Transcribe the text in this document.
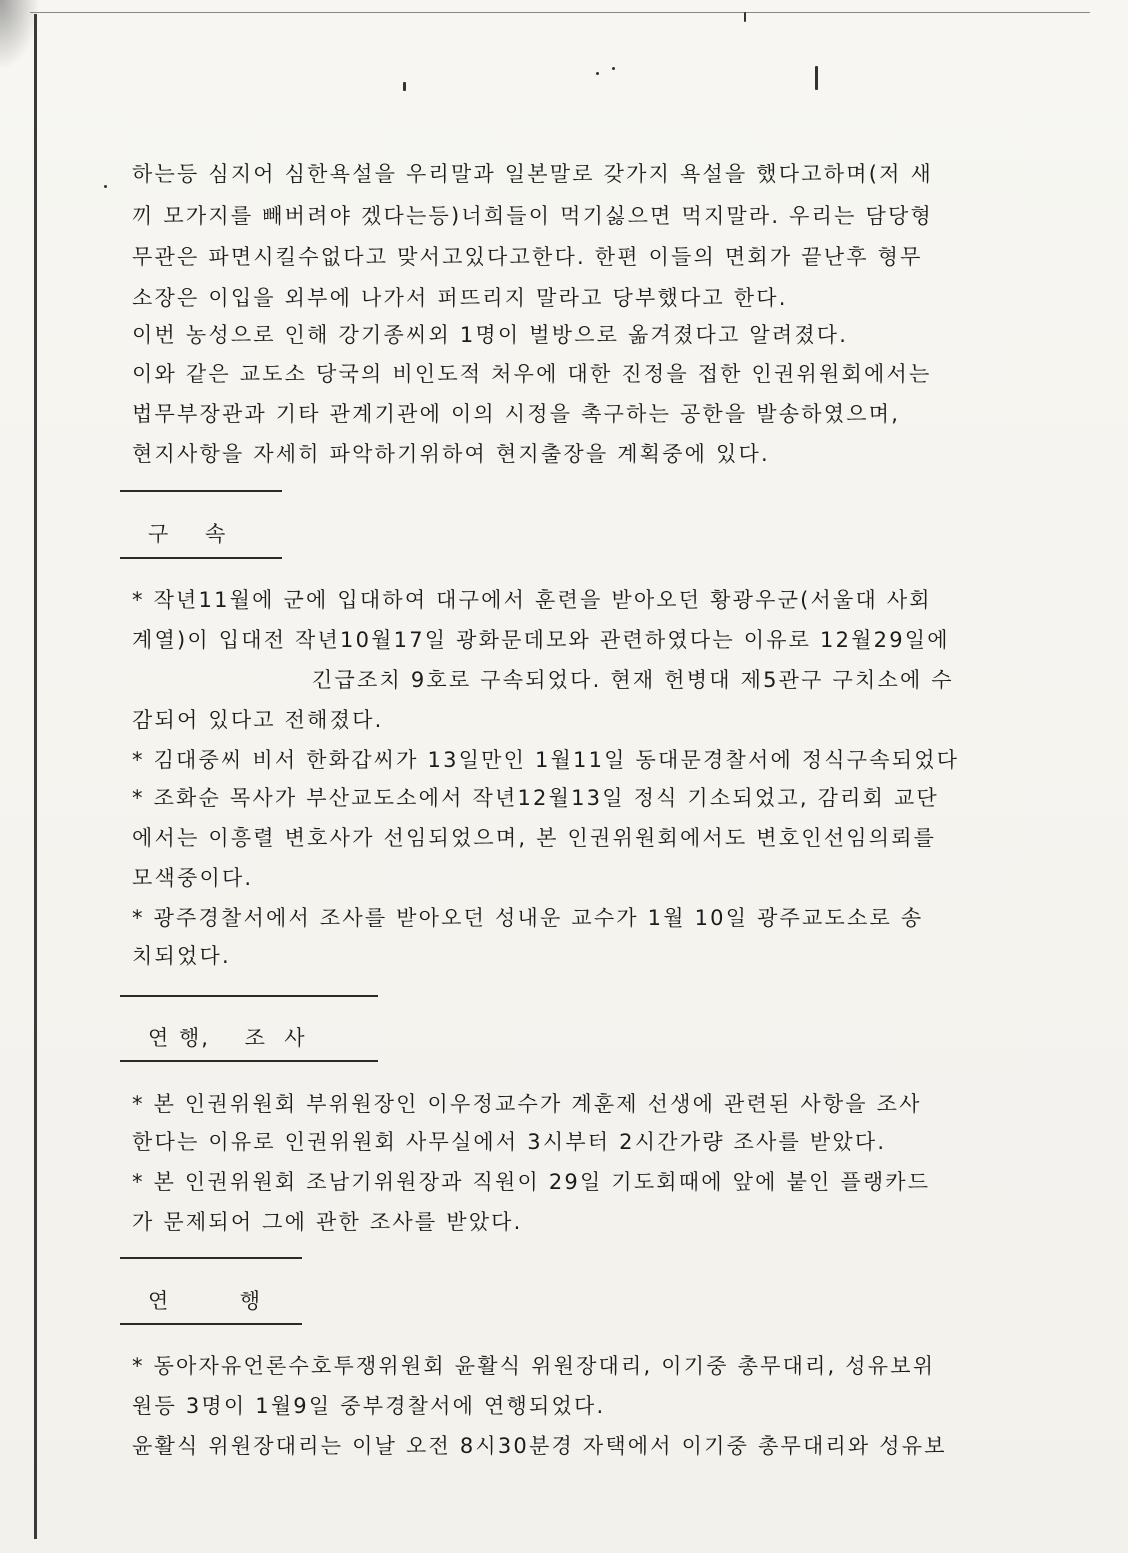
하는등 심지어 심한욕설을 우리말과 일본말로 갖가지 욕설을 했다고하며(저 새
끼 모가지를 빼버려야 겠다는등)너희들이 먹기싫으면 먹지말라. 우리는 담당형
무관은 파면시킬수없다고 맞서고있다고한다. 한편 이들의 면회가 끝난후 형무
소장은 이입을 외부에 나가서 퍼뜨리지 말라고 당부했다고 한다.
이번 농성으로 인해 강기종씨외 1명이 벌방으로 옮겨졌다고 알려졌다.
이와 같은 교도소 당국의 비인도적 처우에 대한 진정을 접한 인권위원회에서는
법무부장관과 기타 관계기관에 이의 시정을 촉구하는 공한을 발송하였으며,
현지사항을 자세히 파악하기위하여 현지출장을 계획중에 있다.
구    속
* 작년11월에 군에 입대하여 대구에서 훈련을 받아오던 황광우군(서울대 사회
계열)이 입대전 작년10월17일 광화문데모와 관련하였다는 이유로 12월29일에
긴급조치 9호로 구속되었다. 현재 헌병대 제5관구 구치소에 수
감되어 있다고 전해졌다.
* 김대중씨 비서 한화갑씨가 13일만인 1월11일 동대문경찰서에 정식구속되었다
* 조화순 목사가 부산교도소에서 작년12월13일 정식 기소되었고, 감리회 교단
에서는 이흥렬 변호사가 선임되었으며, 본 인권위원회에서도 변호인선임의뢰를
모색중이다.
* 광주경찰서에서 조사를 받아오던 성내운 교수가 1월 10일 광주교도소로 송
치되었다.
연 행,    조  사
* 본 인권위원회 부위원장인 이우정교수가 계훈제 선생에 관련된 사항을 조사
한다는 이유로 인권위원회 사무실에서 3시부터 2시간가량 조사를 받았다.
* 본 인권위원회 조남기위원장과 직원이 29일 기도회때에 앞에 붙인 플랭카드
가 문제되어 그에 관한 조사를 받았다.
연        행
* 동아자유언론수호투쟁위원회 윤활식 위원장대리, 이기중 총무대리, 성유보위
원등 3명이 1월9일 중부경찰서에 연행되었다.
윤활식 위원장대리는 이날 오전 8시30분경 자택에서 이기중 총무대리와 성유보
